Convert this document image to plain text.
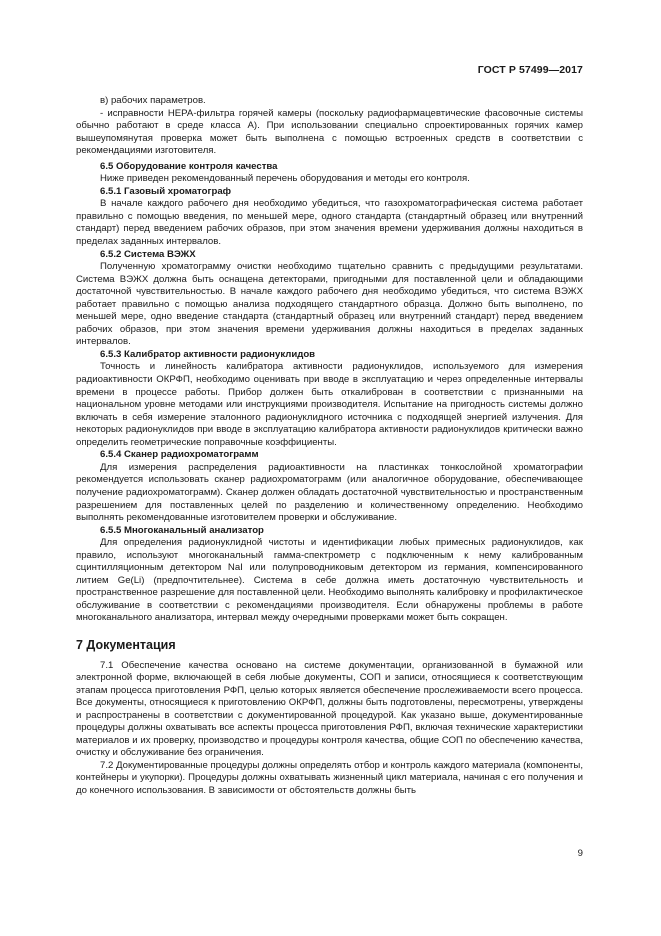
ГОСТ Р 57499—2017

в) рабочих параметров.

- исправности НЕРА-фильтра горячей камеры (поскольку радиофармацевтические фасовочные системы обычно работают в среде класса А). При использовании специально спроектированных горячих камер вышеупомянутая проверка может быть выполнена с помощью встроенных средств в соответствии с рекомендациями изготовителя.

6.5 Оборудование контроля качества

Ниже приведен рекомендованный перечень оборудования и методы его контроля.

6.5.1 Газовый хроматограф

В начале каждого рабочего дня необходимо убедиться, что газохроматографическая система работает правильно с помощью введения, по меньшей мере, одного стандарта (стандартный образец или внутренний стандарт) перед введением рабочих образов, при этом значения времени удерживания должны находиться в пределах заданных интервалов.

6.5.2 Система ВЭЖХ

Полученную хроматограмму очистки необходимо тщательно сравнить с предыдущими результатами. Система ВЭЖХ должна быть оснащена детекторами, пригодными для поставленной цели и обладающими достаточной чувствительностью. В начале каждого рабочего дня необходимо убедиться, что система ВЭЖХ работает правильно с помощью анализа подходящего стандартного образца. Должно быть выполнено, по меньшей мере, одно введение стандарта (стандартный образец или внутренний стандарт) перед введением рабочих образов, при этом значения времени удерживания должны находиться в пределах заданных интервалов.

6.5.3 Калибратор активности радионуклидов

Точность и линейность калибратора активности радионуклидов, используемого для измерения радиоактивности ОКРФП, необходимо оценивать при вводе в эксплуатацию и через определенные интервалы времени в процессе работы. Прибор должен быть откалиброван в соответствии с признанными на национальном уровне методами или инструкциями производителя. Испытание на пригодность системы должно включать в себя измерение эталонного радионуклидного источника с подходящей энергией излучения. Для некоторых радионуклидов при вводе в эксплуатацию калибратора активности радионуклидов критически важно определить геометрические поправочные коэффициенты.

6.5.4 Сканер радиохроматограмм

Для измерения распределения радиоактивности на пластинках тонкослойной хроматографии рекомендуется использовать сканер радиохроматограмм (или аналогичное оборудование, обеспечивающее получение радиохроматограмм). Сканер должен обладать достаточной чувствительностью и пространственным разрешением для поставленных целей по разделению и количественному определению. Необходимо выполнять рекомендованные изготовителем проверки и обслуживание.

6.5.5 Многоканальный анализатор

Для определения радионуклидной чистоты и идентификации любых примесных радионуклидов, как правило, используют многоканальный гамма-спектрометр с подключенным к нему калиброванным сцинтилляционным детектором NaI или полупроводниковым детектором из германия, компенсированного литием Ge(Li) (предпочтительнее). Система в себе должна иметь достаточную чувствительность и пространственное разрешение для поставленной цели. Необходимо выполнять калибровку и профилактическое обслуживание в соответствии с рекомендациями производителя. Если обнаружены проблемы в работе многоканального анализатора, интервал между очередными проверками может быть сокращен.

7 Документация

7.1 Обеспечение качества основано на системе документации, организованной в бумажной или электронной форме, включающей в себя любые документы, СОП и записи, относящиеся к соответствующим этапам процесса приготовления РФП, целью которых является обеспечение прослеживаемости всего процесса. Все документы, относящиеся к приготовлению ОКРФП, должны быть подготовлены, пересмотрены, утверждены и распространены в соответствии с документированной процедурой. Как указано выше, документированные процедуры должны охватывать все аспекты процесса приготовления РФП, включая технические характеристики материалов и их проверку, производство и процедуры контроля качества, общие СОП по обеспечению качества, очистку и обслуживание без ограничения.

7.2 Документированные процедуры должны определять отбор и контроль каждого материала (компоненты, контейнеры и укупорки). Процедуры должны охватывать жизненный цикл материала, начиная с его получения и до конечного использования. В зависимости от обстоятельств должны быть

9
